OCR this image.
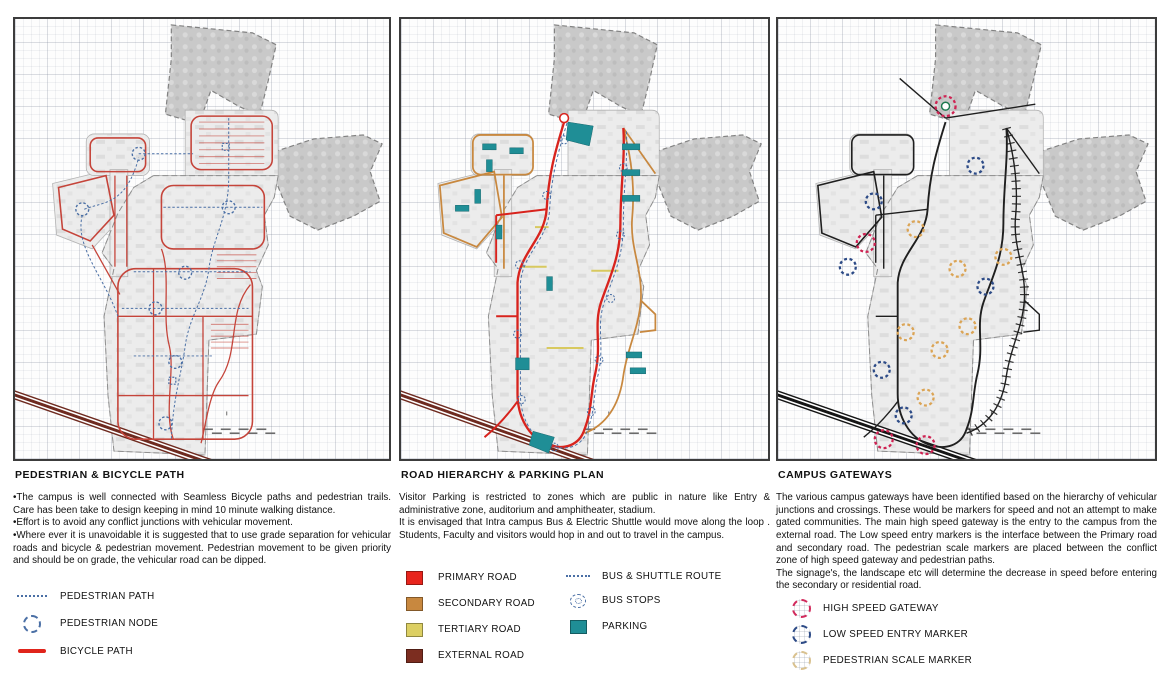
PEDESTRIAN & BICYCLE PATH

•The campus is well connected with Seamless Bicycle paths and pedestrian trails. Care has been take to design keeping in mind 10 minute walking distance.

•Effort is to avoid any conflict junctions with vehicular movement.

•Where ever it is unavoidable it is suggested that to use grade separation for vehicular roads and bicycle & pedestrian movement. Pedestrian movement to be given priority and should be on grade, the vehicular road can be dipped.

PEDESTRIAN PATH
PEDESTRIAN NODE
BICYCLE PATH
ROAD HIERARCHY & PARKING PLAN

Visitor Parking is restricted to zones which are public in nature like Entry & administrative zone, auditorium and amphitheater, stadium.

It is envisaged that Intra campus Bus & Electric Shuttle would move along the loop . Students, Faculty and visitors would hop in and out to travel in the campus.

PRIMARY ROAD
SECONDARY ROAD
TERTIARY ROAD
EXTERNAL ROAD
BUS & SHUTTLE ROUTE
BUS STOPS
PARKING
CAMPUS GATEWAYS

The various campus gateways have been identified based on the hierarchy of vehicular junctions and crossings. These would be markers for speed and not an attempt to make gated communities. The main high speed gateway is the entry to the campus from the external road. The Low speed entry markers is the interface between the Primary road and secondary road. The pedestrian scale markers are placed between the conflict zone of high speed gateway and pedestrian paths.

The signage's, the landscape etc will determine the decrease in speed before entering the secondary or residential road.

HIGH SPEED GATEWAY
LOW SPEED ENTRY MARKER
PEDESTRIAN SCALE MARKER
